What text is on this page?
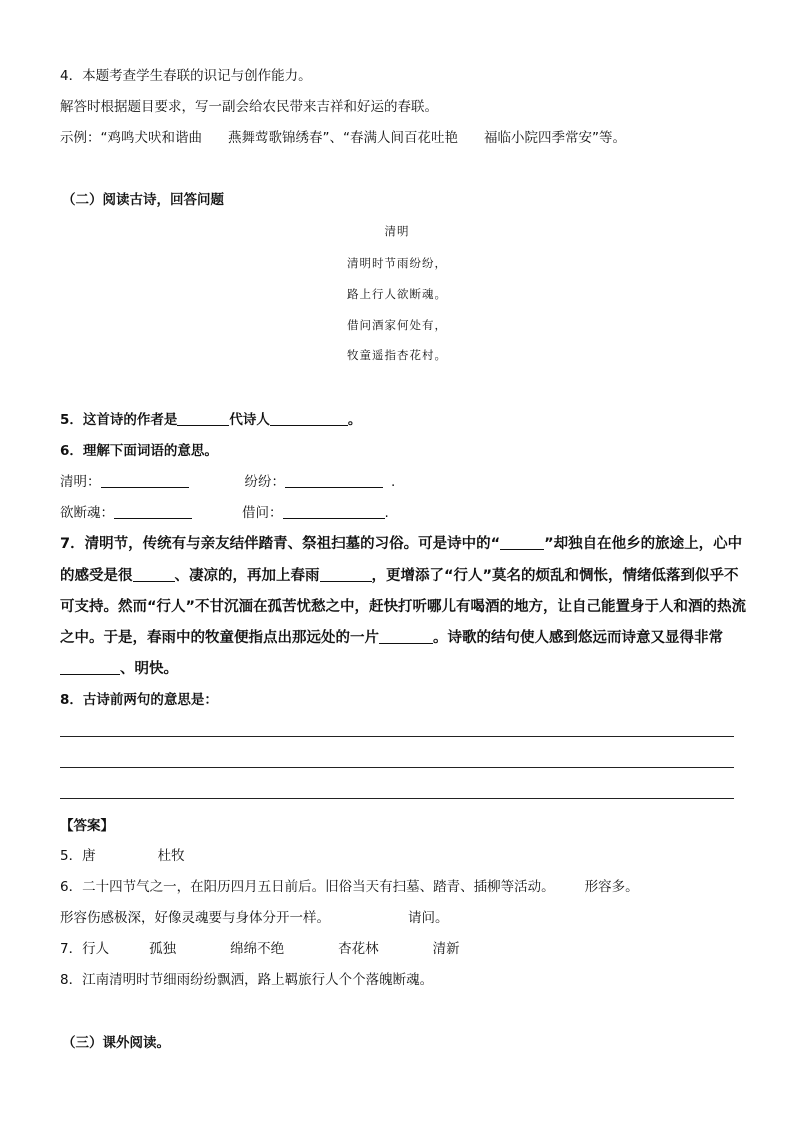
4．本题考查学生春联的识记与创作能力。
解答时根据题目要求，写一副会给农民带来吉祥和好运的春联。
示例：“鸡鸣犬吠和谐曲 燕舞莺歌锦绣春”、“春满人间百花吐艳 福临小院四季常安”等。
（二）阅读古诗，回答问题
清明
清明时节雨纷纷，
路上行人欲断魂。
借问酒家何处有，
牧童遥指杏花村。
5．这首诗的作者是	代诗人	。
6．理解下面词语的意思。
清明：	纷纷：	.
欲断魂：	借问：	.
7．清明节，传统有与亲友结伴踏青、祭祖扫墓的习俗。可是诗中的“	”却独自在他乡的旅途上，心中
的感受是很	、凄凉的，再加上春雨	，更增添了“行人”莫名的烦乱和惆怅，情绪低落到似乎不
可支持。然而“行人”不甘沉湎在孤苦忧愁之中，赶快打听哪儿有喝酒的地方，让自己能置身于人和酒的热流
之中。于是，春雨中的牧童便指点出那远处的一片	。诗歌的结句使人感到悠远而诗意又显得非常
、明快。
8．古诗前两句的意思是：
【答案】
5．唐	杜牧
6．二十四节气之一，在阳历四月五日前后。旧俗当天有扫墓、踏青、插柳等活动。 形容多。
形容伤感极深，好像灵魂要与身体分开一样。	请问。
7．行人	孤独	绵绵不绝	杏花林	清新
8．江南清明时节细雨纷纷飘洒，路上羁旅行人个个落魄断魂。
（三）课外阅读。
